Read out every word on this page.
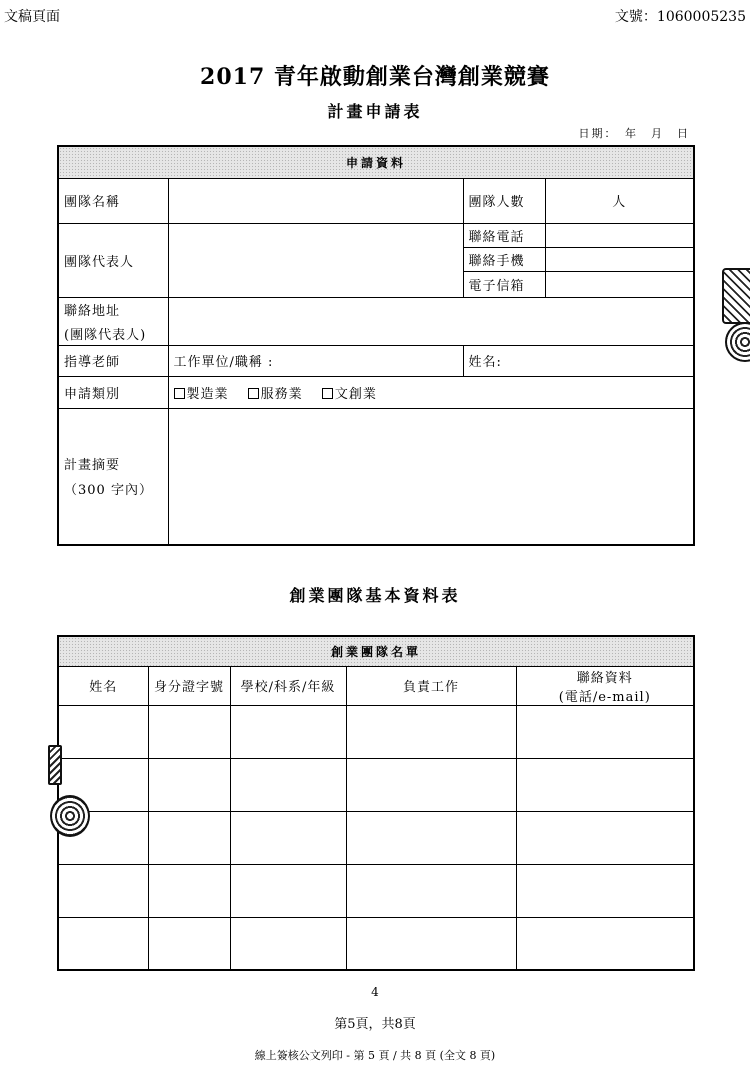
文稿頁面	文號：1060005235
2017 青年啟動創業台灣創業競賽
計畫申請表
日期：　年　月　日
申請資料			
團隊名稱		團隊人數	人
團隊代表人		聯絡電話	
		聯絡手機	
		電子信箱	

聯絡地址
(團隊代表人)			

指導老師	工作單位/職稱 :	姓名:	
申請類別	製造業 服務業 文創業		

計畫摘要
（300 字內）			

創業團隊基本資料表
創業團隊名單				
姓名	身分證字號	學校/科系/年級	負責工作	聯絡資料
(電話/e-mail)

4
第5頁，共8頁
線上簽核公文列印 - 第 5 頁 / 共 8 頁 (全文 8 頁)
